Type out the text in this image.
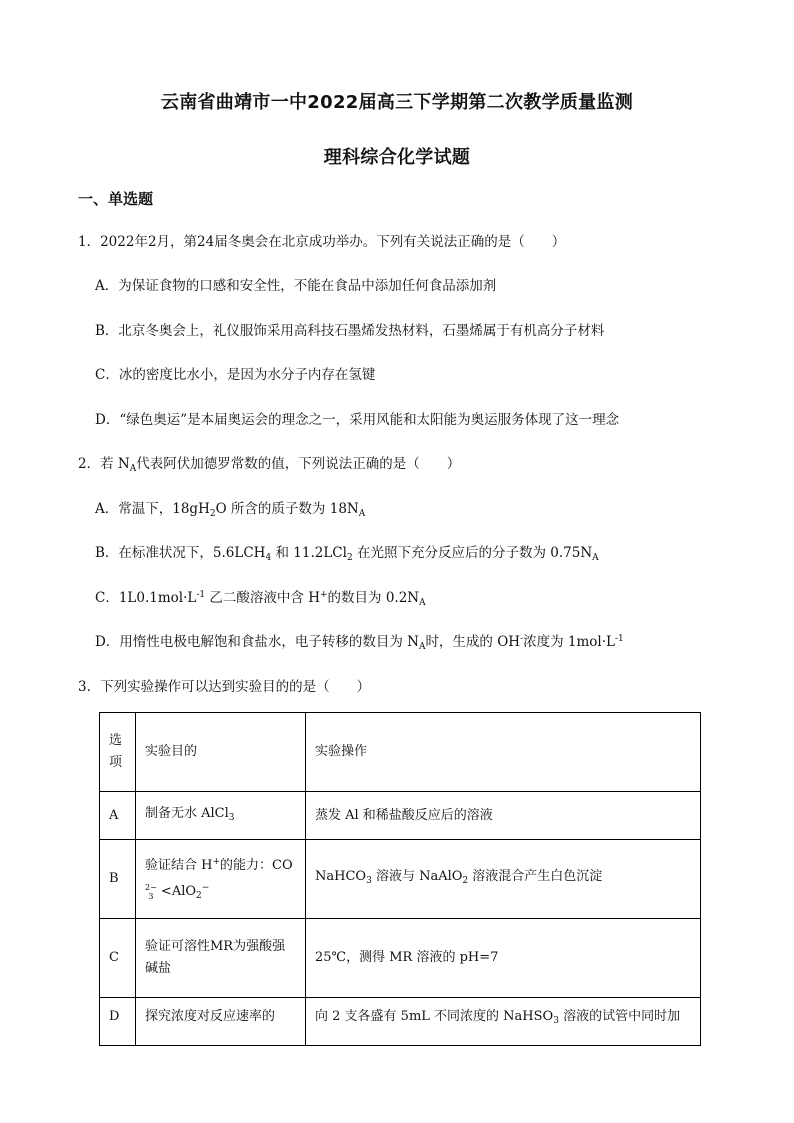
云南省曲靖市一中2022届高三下学期第二次教学质量监测
理科综合化学试题
一、单选题
1．2022年2月，第24届冬奥会在北京成功举办。下列有关说法正确的是（　　）
A．为保证食物的口感和安全性，不能在食品中添加任何食品添加剂
B．北京冬奥会上，礼仪服饰采用高科技石墨烯发热材料，石墨烯属于有机高分子材料
C．冰的密度比水小，是因为水分子内存在氢键
D．“绿色奥运”是本届奥运会的理念之一，采用风能和太阳能为奥运服务体现了这一理念
2．若 $N_A$代表阿伏加德罗常数的值，下列说法正确的是（　　）
A．常温下，$18gH_2O$ 所含的质子数为 $18N_A$
B．在标准状况下，$5.6LCH_4$ 和 11.2LCl$_2$ 在光照下充分反应后的分子数为 $0.75N_A$
C．$1L0.1mol\cdot L^{-1}$ 乙二酸溶液中含 H+的数目为 $0.2N_A$
D．用惰性电极电解饱和食盐水，电子转移的数目为 $N_A$时，生成的 OH-浓度为 $1mol\cdot L^{-1}$
3．下列实验操作可以达到实验目的的是（　　）
选
项	实验目的	实验操作
A	制备无水 AlCl$_3$	蒸发 Al 和稀盐酸反应后的溶液
B	验证结合 H+的能力：CO

2−
3 <AlO$_2$−	NaHCO$_3$ 溶液与 NaAlO$_2$ 溶液混合产生白色沉淀
C	验证可溶性MR为强酸强碱盐	25℃，测得 MR 溶液的 pH=7
D	探究浓度对反应速率的	向 2 支各盛有 5mL 不同浓度的 NaHSO$_3$ 溶液的试管中同时加
